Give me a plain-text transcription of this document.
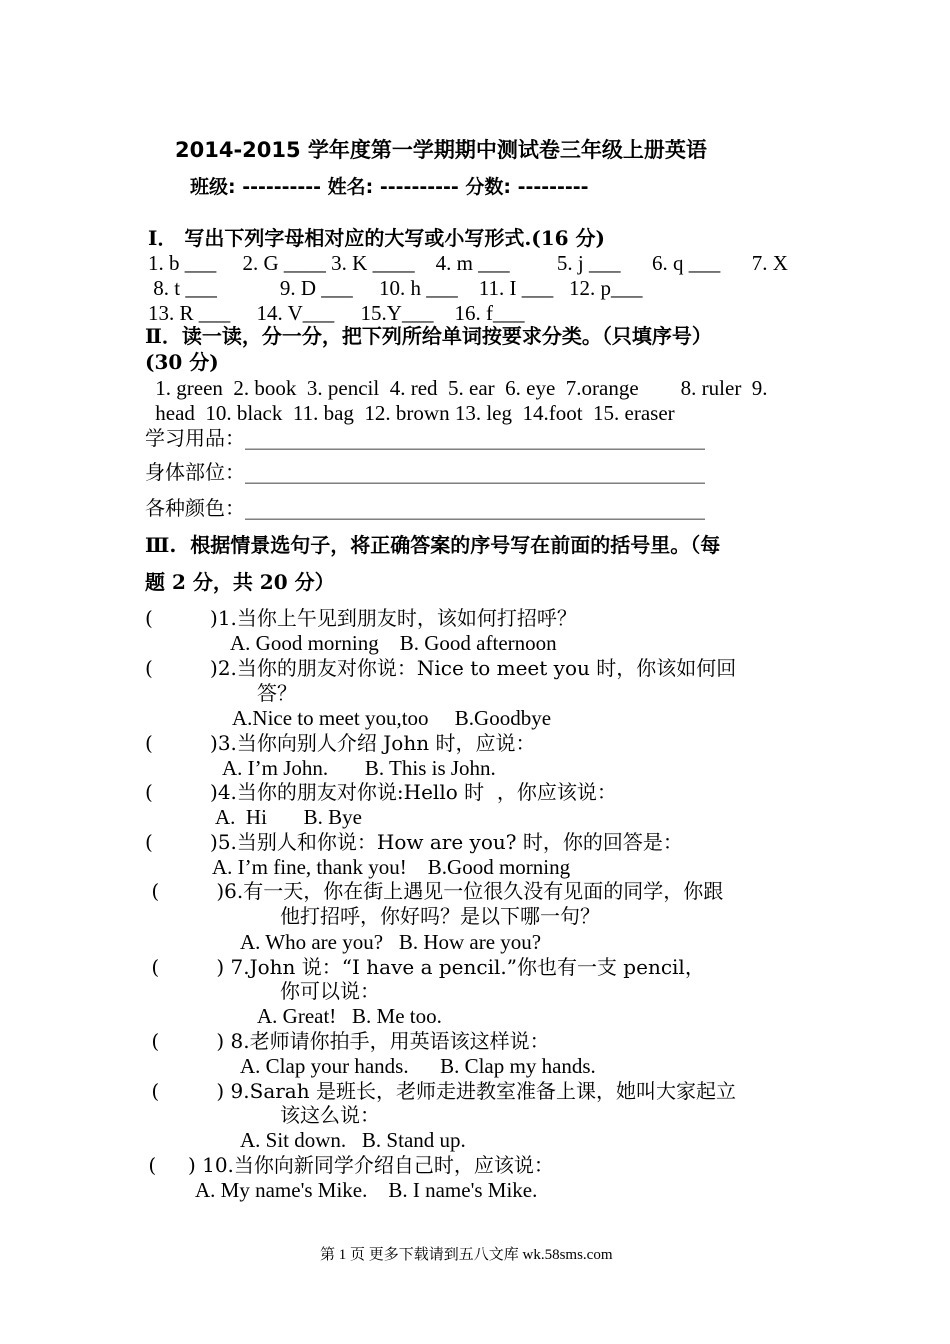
2014-2015 学年度第一学期期中测试卷三年级上册英语
班级: ---------- 姓名: ---------- 分数: ---------
Ⅰ． 写出下列字母相对应的大写或小写形式.(16 分)
1. b ___     2. G ____ 3. K ____    4. m ___         5. j ___      6. q ___      7. X
8. t ___            9. D ___     10. h ___    11. I ___   12. p___
13. R ___     14. V___     15.Y___    16. f___
Ⅱ．读一读，分一分，把下列所给单词按要求分类。（只填序号）
(30 分)
1. green  2. book  3. pencil  4. red  5. ear  6. eye  7.orange        8. ruler  9.
head  10. black  11. bag  12. brown 13. leg  14.foot  15. eraser
学习用品：______________________________________________
身体部位：______________________________________________
各种颜色：______________________________________________
Ⅲ.  根据情景选句子，将正确答案的序号写在前面的括号里。（每
题 2 分，共 20 分）
(         )1.当你上午见到朋友时，该如何打招呼？
A. Good morning    B. Good afternoon
(         )2.当你的朋友对你说：Nice to meet you 时，你该如何回
答？
A.Nice to meet you,too     B.Goodbye
(         )3.当你向别人介绍 John 时，应说：
A. I’m John.       B. This is John.
(         )4.当你的朋友对你说:Hello 时  ，你应该说：
A.  Hi       B. Bye
(         )5.当别人和你说：How are you? 时，你的回答是：
A. I’m fine, thank you!    B.Good morning
(         )6.有一天，你在街上遇见一位很久没有见面的同学，你跟
他打招呼，你好吗？是以下哪一句？
A. Who are you?   B. How are you?
(         ) 7.John 说：“I have a pencil.”你也有一支 pencil，
你可以说：
A. Great!   B. Me too.
(         ) 8.老师请你拍手，用英语该这样说：
A. Clap your hands.      B. Clap my hands.
(         ) 9.Sarah 是班长，老师走进教室准备上课，她叫大家起立
该这么说：
A. Sit down.   B. Stand up.
(     ) 10.当你向新同学介绍自己时，应该说：
A. My name's Mike.    B. I name's Mike.
第 1 页 更多下载请到五八文库 wk.58sms.com
